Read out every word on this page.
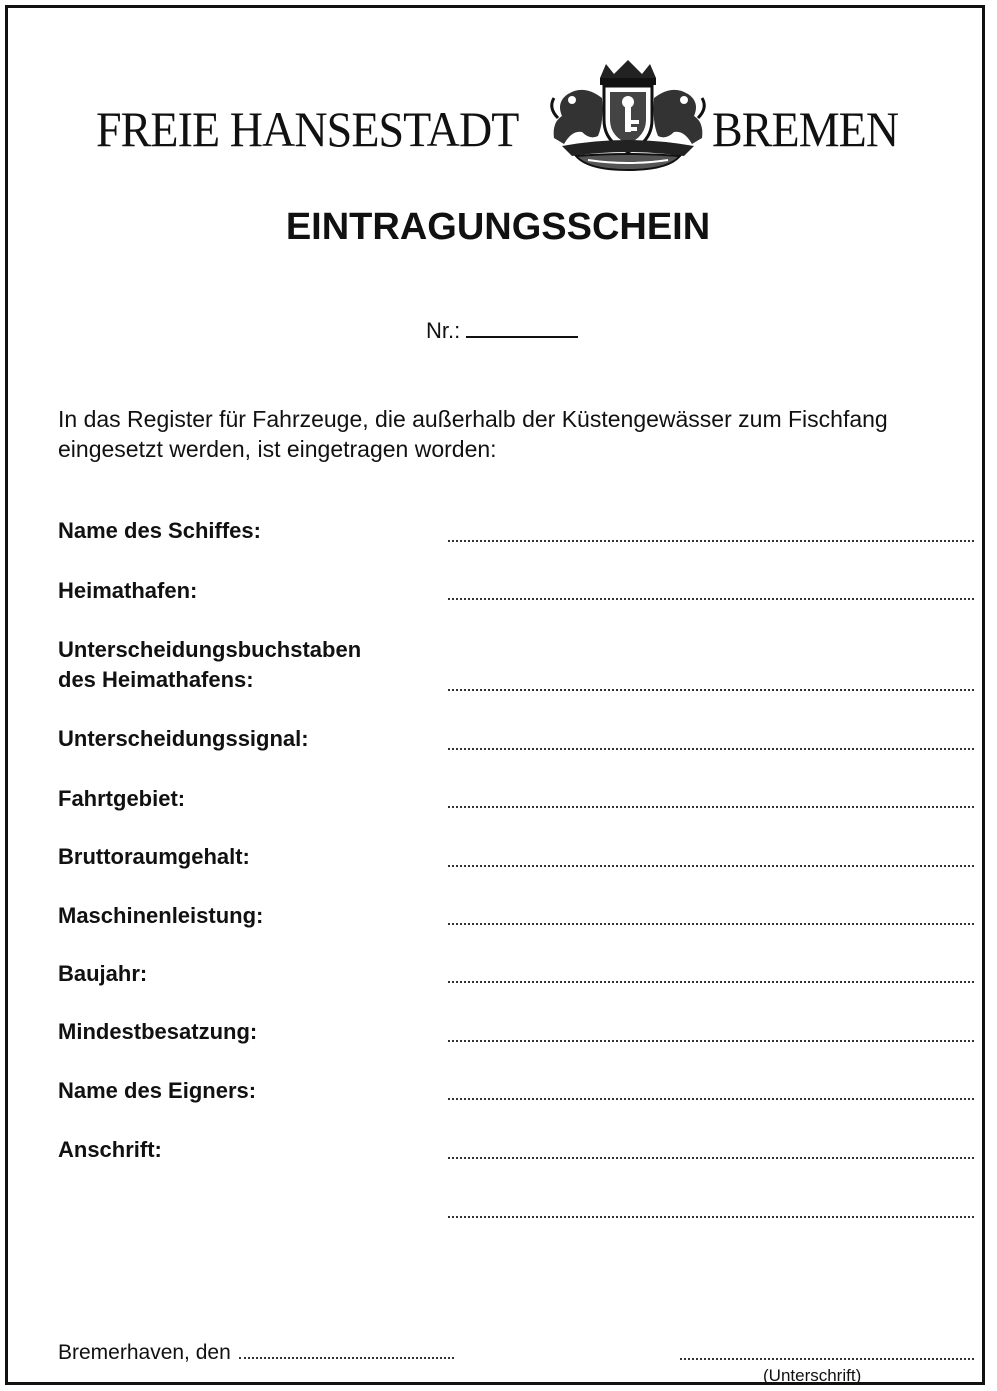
FREIE HANSESTADT	BREMEN
EINTRAGUNGSSCHEIN
Nr.:
In das Register für Fahrzeuge, die außerhalb der Küstengewässer zum Fischfang
eingesetzt werden, ist eingetragen worden:
Name des Schiffes:
Heimathafen:
Unterscheidungsbuchstaben
des Heimathafens:
Unterscheidungssignal:
Fahrtgebiet:
Bruttoraumgehalt:
Maschinenleistung:
Baujahr:
Mindestbesatzung:
Name des Eigners:
Anschrift:
Bremerhaven, den
(Unterschrift)
